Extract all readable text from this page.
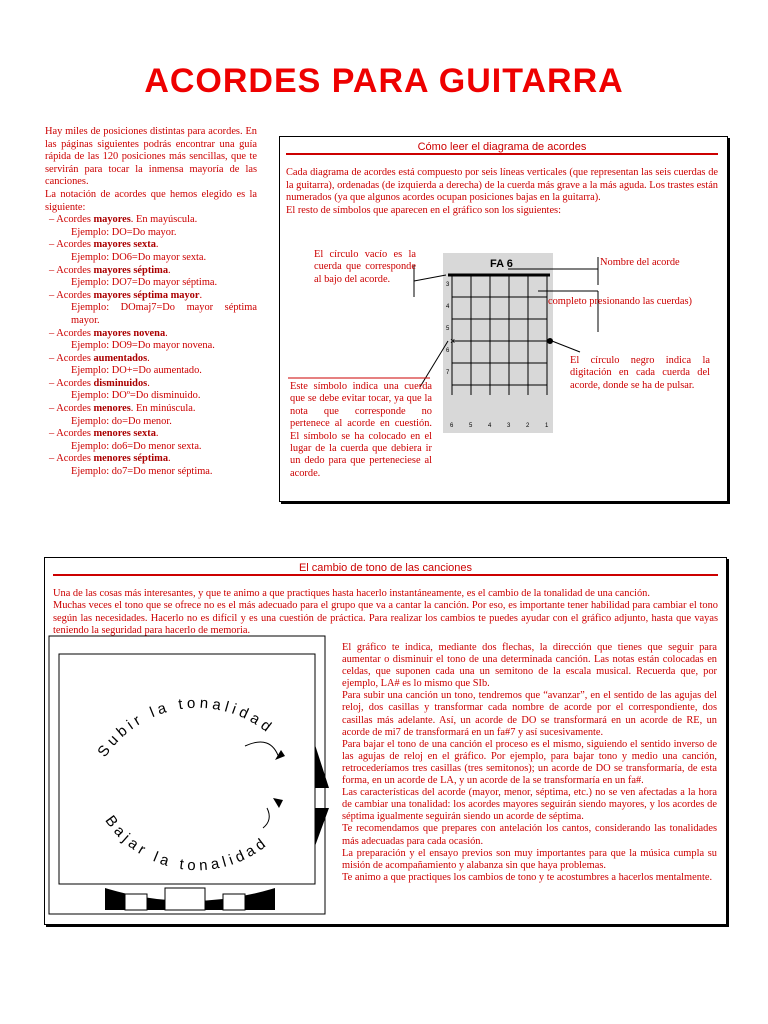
ACORDES PARA GUITARRA

Hay miles de posiciones distintas para acordes. En las páginas siguientes podrás encontrar una guía rápida de las 120 posiciones más sencillas, que te servirán para tocar la inmensa mayoría de las canciones.

La notación de acordes que hemos elegido es la siguiente:

– Acordes mayores. En mayúscula.
Ejemplo: DO=Do mayor.
– Acordes mayores sexta.
Ejemplo: DO6=Do mayor sexta.
– Acordes mayores séptima.
Ejemplo: DO7=Do mayor séptima.
– Acordes mayores séptima mayor.
Ejemplo: DOmaj7=Do mayor séptima mayor.
– Acordes mayores novena.
Ejemplo: DO9=Do mayor novena.
– Acordes aumentados.
Ejemplo: DO+=Do aumentado.
– Acordes disminuidos.
Ejemplo: DOº=Do disminuido.
– Acordes menores. En minúscula.
Ejemplo: do=Do menor.
– Acordes menores sexta.
Ejemplo: do6=Do menor sexta.
– Acordes menores séptima.
Ejemplo: do7=Do menor séptima.
Cómo leer el diagrama de acordes

Cada diagrama de acordes está compuesto por seis líneas verticales (que representan las seis cuerdas de la guitarra), ordenadas (de izquierda a derecha) de la cuerda más grave a la más aguda. Los trastes están numerados (ya que algunos acordes ocupan posiciones bajas en la guitarra).

El resto de símbolos que aparecen en el gráfico son los siguientes:

FA 6
3
4
5
6
7
6	5	4	3	2	1
×
El círculo vacío es la cuerda que corresponde al bajo del acorde.
Nombre del acorde
completo presionando las cuerdas)
El círculo negro indica la digitación en cada cuerda del acorde, donde se ha de pulsar.
Este símbolo indica una cuerda que se debe evitar tocar, ya que la nota que corresponde no pertenece al acorde en cuestión. El símbolo se ha colocado en el lugar de la cuerda que debiera ir un dedo para que perteneciese al acorde.
El cambio de tono de las canciones

Una de las cosas más interesantes, y que te animo a que practiques hasta hacerlo instantáneamente, es el cambio de la tonalidad de una canción.

Muchas veces el tono que se ofrece no es el más adecuado para el grupo que va a cantar la canción. Por eso, es importante tener habilidad para cambiar el tono según las necesidades. Hacerlo no es difícil y es una cuestión de práctica. Para realizar los cambios te puedes ayudar con el gráfico adjunto, hasta que vayas teniendo la seguridad para hacerlo de memoria.

Subir la tonalidad
Bajar la tonalidad

El gráfico te indica, mediante dos flechas, la dirección que tienes que seguir para aumentar o disminuir el tono de una determinada canción. Las notas están colocadas en celdas, que suponen cada una un semitono de la escala musical. Recuerda que, por ejemplo, LA# es lo mismo que SIb.

Para subir una canción un tono, tendremos que “avanzar”, en el sentido de las agujas del reloj, dos casillas y transformar cada nombre de acorde por el correspondiente, dos casillas más adelante. Así, un acorde de DO se transformará en un acorde de RE, un acorde de mi7 de transformará en un fa#7 y así sucesivamente.

Para bajar el tono de una canción el proceso es el mismo, siguiendo el sentido inverso de las agujas de reloj en el gráfico. Por ejemplo, para bajar tono y medio una canción, retrocederíamos tres casillas (tres semitonos); un acorde de DO se transformaría, de esta forma, en un acorde de LA, y un acorde de la se transformaría en un fa#.

Las características del acorde (mayor, menor, séptima, etc.) no se ven afectadas a la hora de cambiar una tonalidad: los acordes mayores seguirán siendo mayores, y los acordes de séptima igualmente seguirán siendo un acorde de séptima.

Te recomendamos que prepares con antelación los cantos, considerando las tonalidades más adecuadas para cada ocasión.

La preparación y el ensayo previos son muy importantes para que la música cumpla su misión de acompañamiento y alabanza sin que haya problemas.

Te animo a que practiques los cambios de tono y te acostumbres a hacerlos mentalmente.
